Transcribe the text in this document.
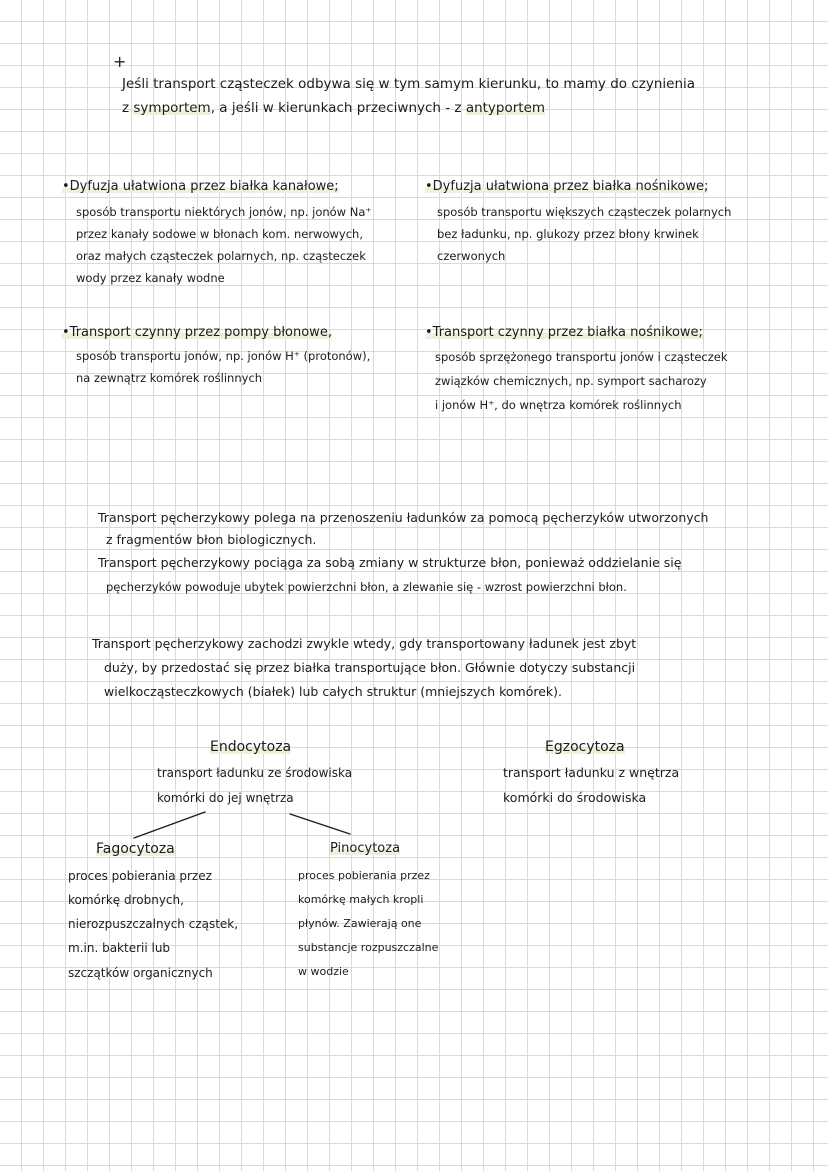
+

Jeśli transport cząsteczek odbywa się w tym samym kierunku, to mamy do czynienia

z symportem, a jeśli w kierunkach przeciwnych - z antyportem

•Dyfuzja ułatwiona przez białka kanałowe;

sposób transportu niektórych jonów, np. jonów Na⁺

przez kanały sodowe w błonach kom. nerwowych,

oraz małych cząsteczek polarnych, np. cząsteczek

wody przez kanały wodne

•Dyfuzja ułatwiona przez białka nośnikowe;

sposób transportu większych cząsteczek polarnych

bez ładunku, np. glukozy przez błony krwinek

czerwonych

•Transport czynny przez pompy błonowe,

sposób transportu jonów, np. jonów H⁺ (protonów),

na zewnątrz komórek roślinnych

•Transport czynny przez białka nośnikowe;

sposób sprzężonego transportu jonów i cząsteczek

związków chemicznych, np. symport sacharozy

i jonów H⁺, do wnętrza komórek roślinnych

Transport pęcherzykowy polega na przenoszeniu ładunków za pomocą pęcherzyków utworzonych

z fragmentów błon biologicznych.

Transport pęcherzykowy pociąga za sobą zmiany w strukturze błon, ponieważ oddzielanie się

pęcherzyków powoduje ubytek powierzchni błon, a zlewanie się - wzrost powierzchni błon.

Transport pęcherzykowy zachodzi zwykle wtedy, gdy transportowany ładunek jest zbyt

duży, by przedostać się przez białka transportujące błon. Głównie dotyczy substancji

wielkocząsteczkowych (białek) lub całych struktur (mniejszych komórek).

Endocytoza

transport ładunku ze środowiska

komórki do jej wnętrza

Egzocytoza

transport ładunku z wnętrza

komórki do środowiska

Fagocytoza

proces pobierania przez

komórkę drobnych,

nierozpuszczalnych cząstek,

m.in. bakterii lub

szczątków organicznych

Pinocytoza

proces pobierania przez

komórkę małych kropli

płynów. Zawierają one

substancje rozpuszczalne

w wodzie
